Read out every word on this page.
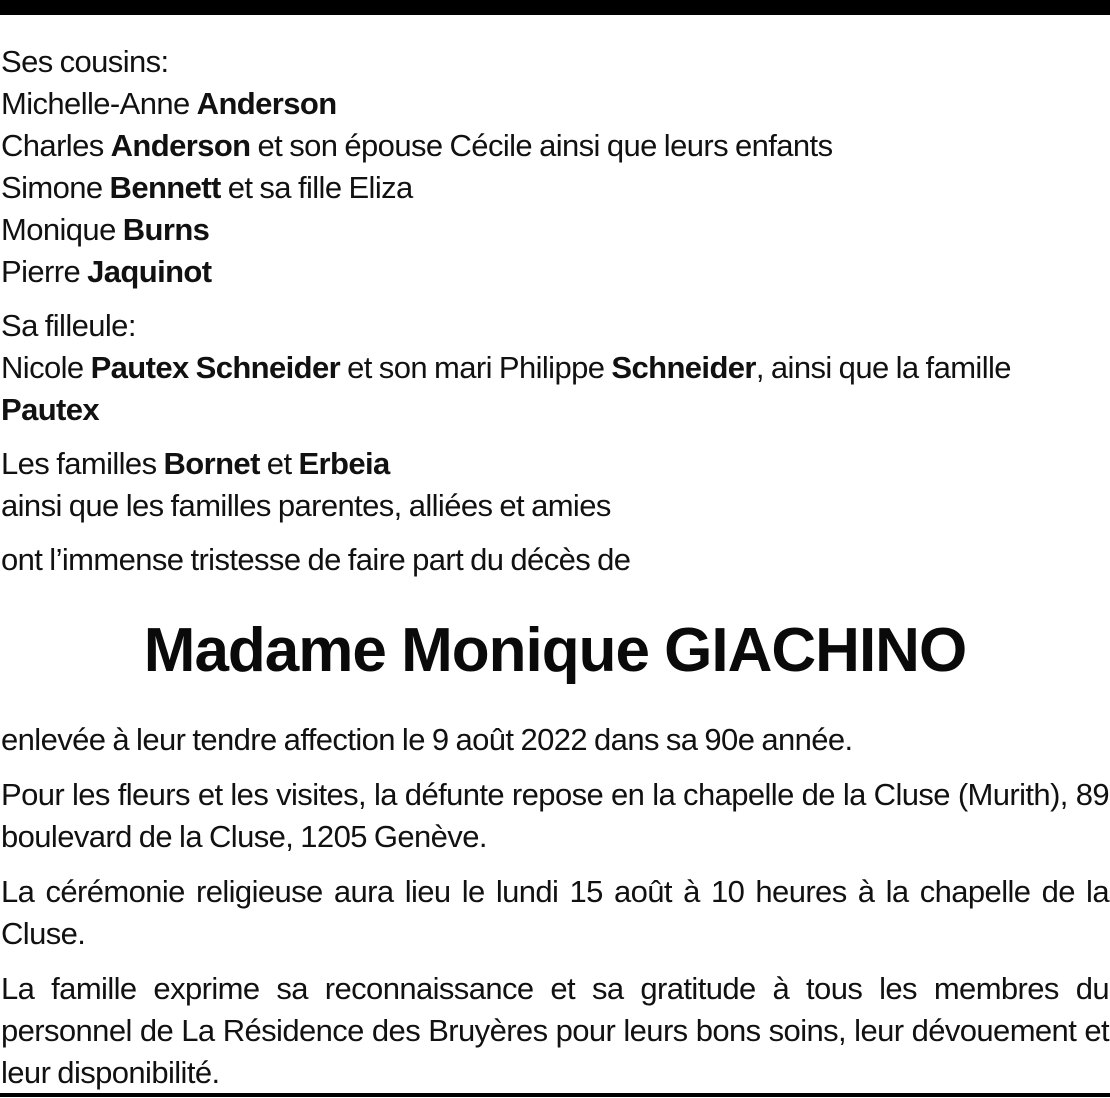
Ses cousins:

Michelle-Anne Anderson

Charles Anderson et son épouse Cécile ainsi que leurs enfants

Simone Bennett et sa fille Eliza

Monique Burns

Pierre Jaquinot

Sa filleule:

Nicole Pautex Schneider et son mari Philippe Schneider, ainsi que la famille

Pautex

Les familles Bornet et Erbeia

ainsi que les familles parentes, alliées et amies

ont l’immense tristesse de faire part du décès de

Madame Monique GIACHINO

enlevée à leur tendre affection le 9 août 2022 dans sa 90e année.

Pour les fleurs et les visites, la défunte repose en la chapelle de la Cluse (Murith), 89 boulevard de la Cluse, 1205 Genève.

La cérémonie religieuse aura lieu le lundi 15 août à 10 heures à la chapelle de la Cluse.

La famille exprime sa reconnaissance et sa gratitude à tous les membres du personnel de La Résidence des Bruyères pour leurs bons soins, leur dévouement et leur disponibilité.
